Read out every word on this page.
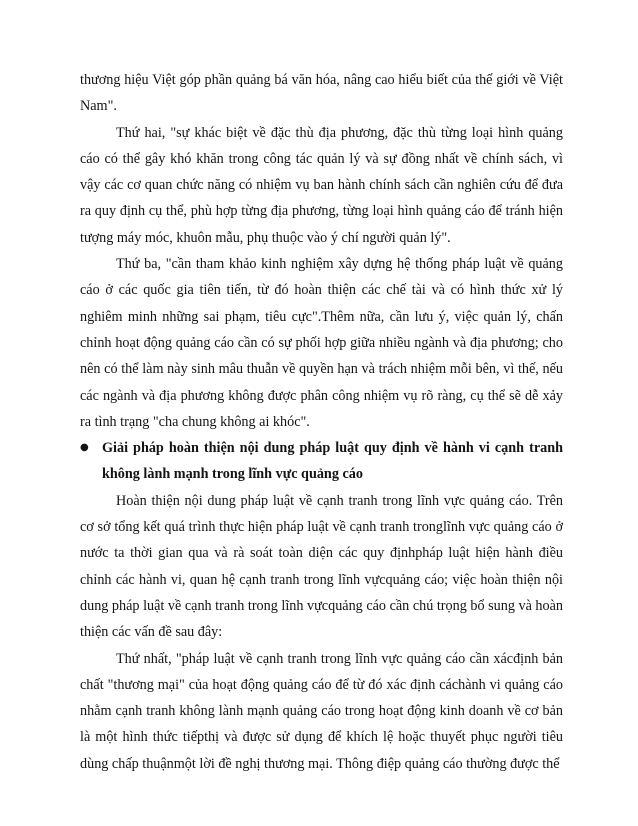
thương hiệu Việt góp phần quảng bá văn hóa, nâng cao hiểu biết của thế giới về Việt Nam".

Thứ hai, "sự khác biệt về đặc thù địa phương, đặc thù từng loại hình quảng cáo có thể gây khó khăn trong công tác quản lý và sự đồng nhất về chính sách, vì vậy các cơ quan chức năng có nhiệm vụ ban hành chính sách cần nghiên cứu để đưa ra quy định cụ thể, phù hợp từng địa phương, từng loại hình quảng cáo để tránh hiện tượng máy móc, khuôn mẫu, phụ thuộc vào ý chí người quản lý".

Thứ ba, "cần tham khảo kinh nghiệm xây dựng hệ thống pháp luật về quảng cáo ở các quốc gia tiên tiến, từ đó hoàn thiện các chế tài và có hình thức xử lý nghiêm minh những sai phạm, tiêu cực".Thêm nữa, cần lưu ý, việc quản lý, chấn chỉnh hoạt động quảng cáo cần có sự phối hợp giữa nhiều ngành và địa phương; cho nên có thể làm này sinh mâu thuẫn về quyền hạn và trách nhiệm mỗi bên, vì thế, nếu các ngành và địa phương không được phân công nhiệm vụ rõ ràng, cụ thể sẽ dễ xảy ra tình trạng "cha chung không ai khóc".

● Giải pháp hoàn thiện nội dung pháp luật quy định về hành vi cạnh tranh không lành mạnh trong lĩnh vực quảng cáo

Hoàn thiện nội dung pháp luật về cạnh tranh trong lĩnh vực quảng cáo. Trên cơ sở tổng kết quá trình thực hiện pháp luật về cạnh tranh tronglĩnh vực quảng cáo ở nước ta thời gian qua và rà soát toàn diện các quy địnhpháp luật hiện hành điều chỉnh các hành vi, quan hệ cạnh tranh trong lĩnh vựcquảng cáo; việc hoàn thiện nội dung pháp luật về cạnh tranh trong lĩnh vựcquảng cáo cần chú trọng bổ sung và hoàn thiện các vấn đề sau đây:

Thứ nhất, "pháp luật về cạnh tranh trong lĩnh vực quảng cáo cần xácđịnh bản chất "thương mại" của hoạt động quảng cáo để từ đó xác định cáchành vi quảng cáo nhằm cạnh tranh không lành mạnh quảng cáo trong hoạt động kinh doanh về cơ bản là một hình thức tiếpthị và được sử dụng để khích lệ hoặc thuyết phục người tiêu dùng chấp thuậnmột lời đề nghị thương mại. Thông điệp quảng cáo thường được thể
